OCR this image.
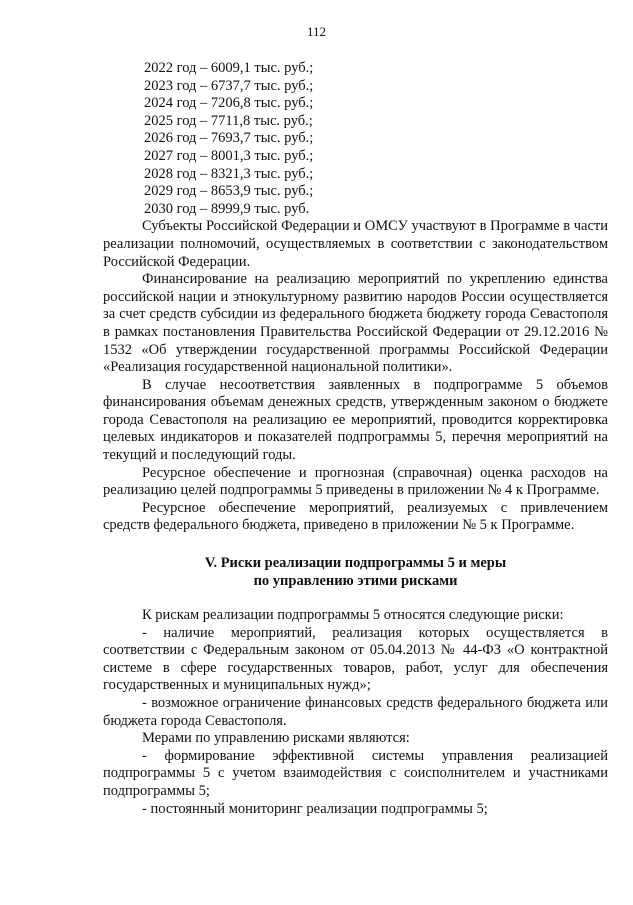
112
2022 год – 6009,1 тыс. руб.;
2023 год – 6737,7 тыс. руб.;
2024 год – 7206,8 тыс. руб.;
2025 год – 7711,8 тыс. руб.;
2026 год – 7693,7 тыс. руб.;
2027 год – 8001,3 тыс. руб.;
2028 год – 8321,3 тыс. руб.;
2029 год – 8653,9 тыс. руб.;
2030 год – 8999,9 тыс. руб.

Субъекты Российской Федерации и ОМСУ участвуют в Программе в части реализации полномочий, осуществляемых в соответствии с законодательством Российской Федерации.

Финансирование на реализацию мероприятий по укреплению единства российской нации и этнокультурному развитию народов России осуществляется за счет средств субсидии из федерального бюджета бюджету города Севастополя в рамках постановления Правительства Российской Федерации от 29.12.2016 № 1532 «Об утверждении государственной программы Российской Федерации «Реализация государственной национальной политики».

В случае несоответствия заявленных в подпрограмме 5 объемов финансирования объемам денежных средств, утвержденным законом о бюджете города Севастополя на реализацию ее мероприятий, проводится корректировка целевых индикаторов и показателей подпрограммы 5, перечня мероприятий на текущий и последующий годы.

Ресурсное обеспечение и прогнозная (справочная) оценка расходов на реализацию целей подпрограммы 5 приведены в приложении № 4 к Программе.

Ресурсное обеспечение мероприятий, реализуемых с привлечением средств федерального бюджета, приведено в приложении № 5 к Программе.

V. Риски реализации подпрограммы 5 и меры
по управлению этими рисками

К рискам реализации подпрограммы 5 относятся следующие риски:

- наличие мероприятий, реализация которых осуществляется в соответствии с Федеральным законом от 05.04.2013 № 44-ФЗ «О контрактной системе в сфере государственных товаров, работ, услуг для обеспечения государственных и муниципальных нужд»;

- возможное ограничение финансовых средств федерального бюджета или бюджета города Севастополя.

Мерами по управлению рисками являются:

- формирование эффективной системы управления реализацией подпрограммы 5 с учетом взаимодействия с соисполнителем и участниками подпрограммы 5;

- постоянный мониторинг реализации подпрограммы 5;
